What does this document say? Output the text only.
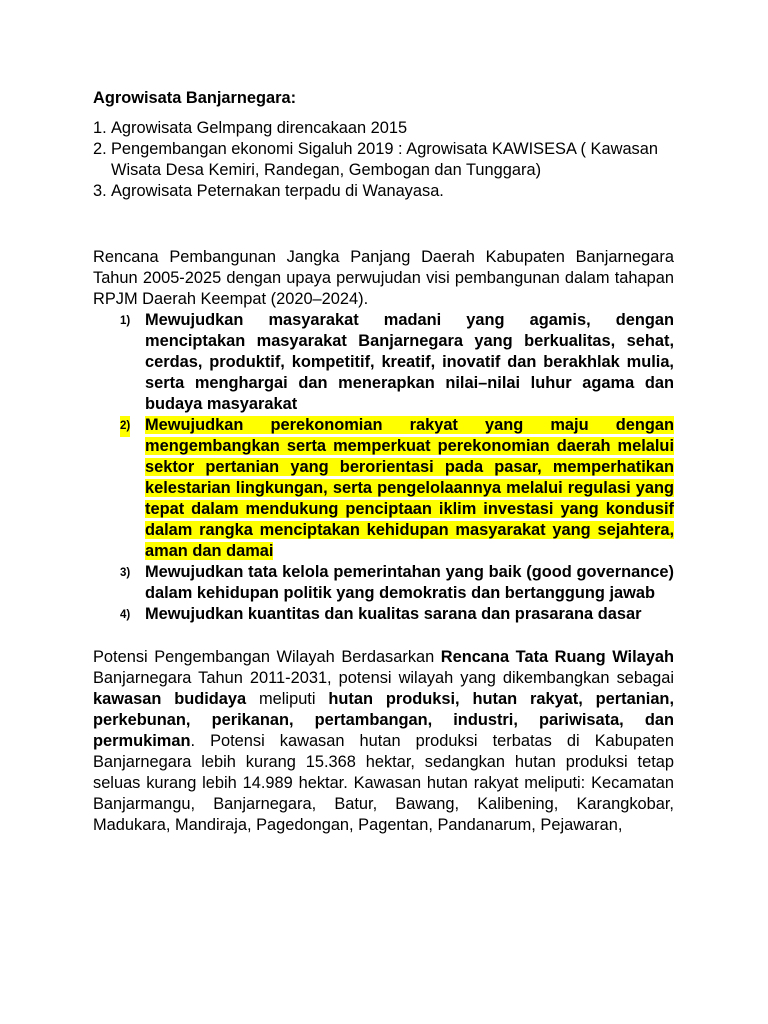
Agrowisata Banjarnegara:
1. Agrowisata Gelmpang direncakaan 2015
2. Pengembangan ekonomi Sigaluh 2019 : Agrowisata KAWISESA ( Kawasan Wisata Desa Kemiri, Randegan, Gembogan dan Tunggara)
3. Agrowisata Peternakan terpadu di Wanayasa.

Rencana Pembangunan Jangka Panjang Daerah Kabupaten Banjarnegara Tahun 2005-2025 dengan upaya perwujudan visi pembangunan dalam tahapan RPJM Daerah Keempat (2020–2024).

1) Mewujudkan masyarakat madani yang agamis, dengan menciptakan masyarakat Banjarnegara yang berkualitas, sehat, cerdas, produktif, kompetitif, kreatif, inovatif dan berakhlak mulia, serta menghargai dan menerapkan nilai–nilai luhur agama dan budaya masyarakat
2) Mewujudkan perekonomian rakyat yang maju dengan mengembangkan serta memperkuat perekonomian daerah melalui sektor pertanian yang berorientasi pada pasar, memperhatikan kelestarian lingkungan, serta pengelolaannya melalui regulasi yang tepat dalam mendukung penciptaan iklim investasi yang kondusif dalam rangka menciptakan kehidupan masyarakat yang sejahtera, aman dan damai
3) Mewujudkan tata kelola pemerintahan yang baik (good governance) dalam kehidupan politik yang demokratis dan bertanggung jawab
4) Mewujudkan kuantitas dan kualitas sarana dan prasarana dasar

Potensi Pengembangan Wilayah Berdasarkan Rencana Tata Ruang Wilayah Banjarnegara Tahun 2011-2031, potensi wilayah yang dikembangkan sebagai kawasan budidaya meliputi hutan produksi, hutan rakyat, pertanian, perkebunan, perikanan, pertambangan, industri, pariwisata, dan permukiman. Potensi kawasan hutan produksi terbatas di Kabupaten Banjarnegara lebih kurang 15.368 hektar, sedangkan hutan produksi tetap seluas kurang lebih 14.989 hektar. Kawasan hutan rakyat meliputi: Kecamatan Banjarmangu, Banjarnegara, Batur, Bawang, Kalibening, Karangkobar, Madukara, Mandiraja, Pagedongan, Pagentan, Pandanarum, Pejawaran,
